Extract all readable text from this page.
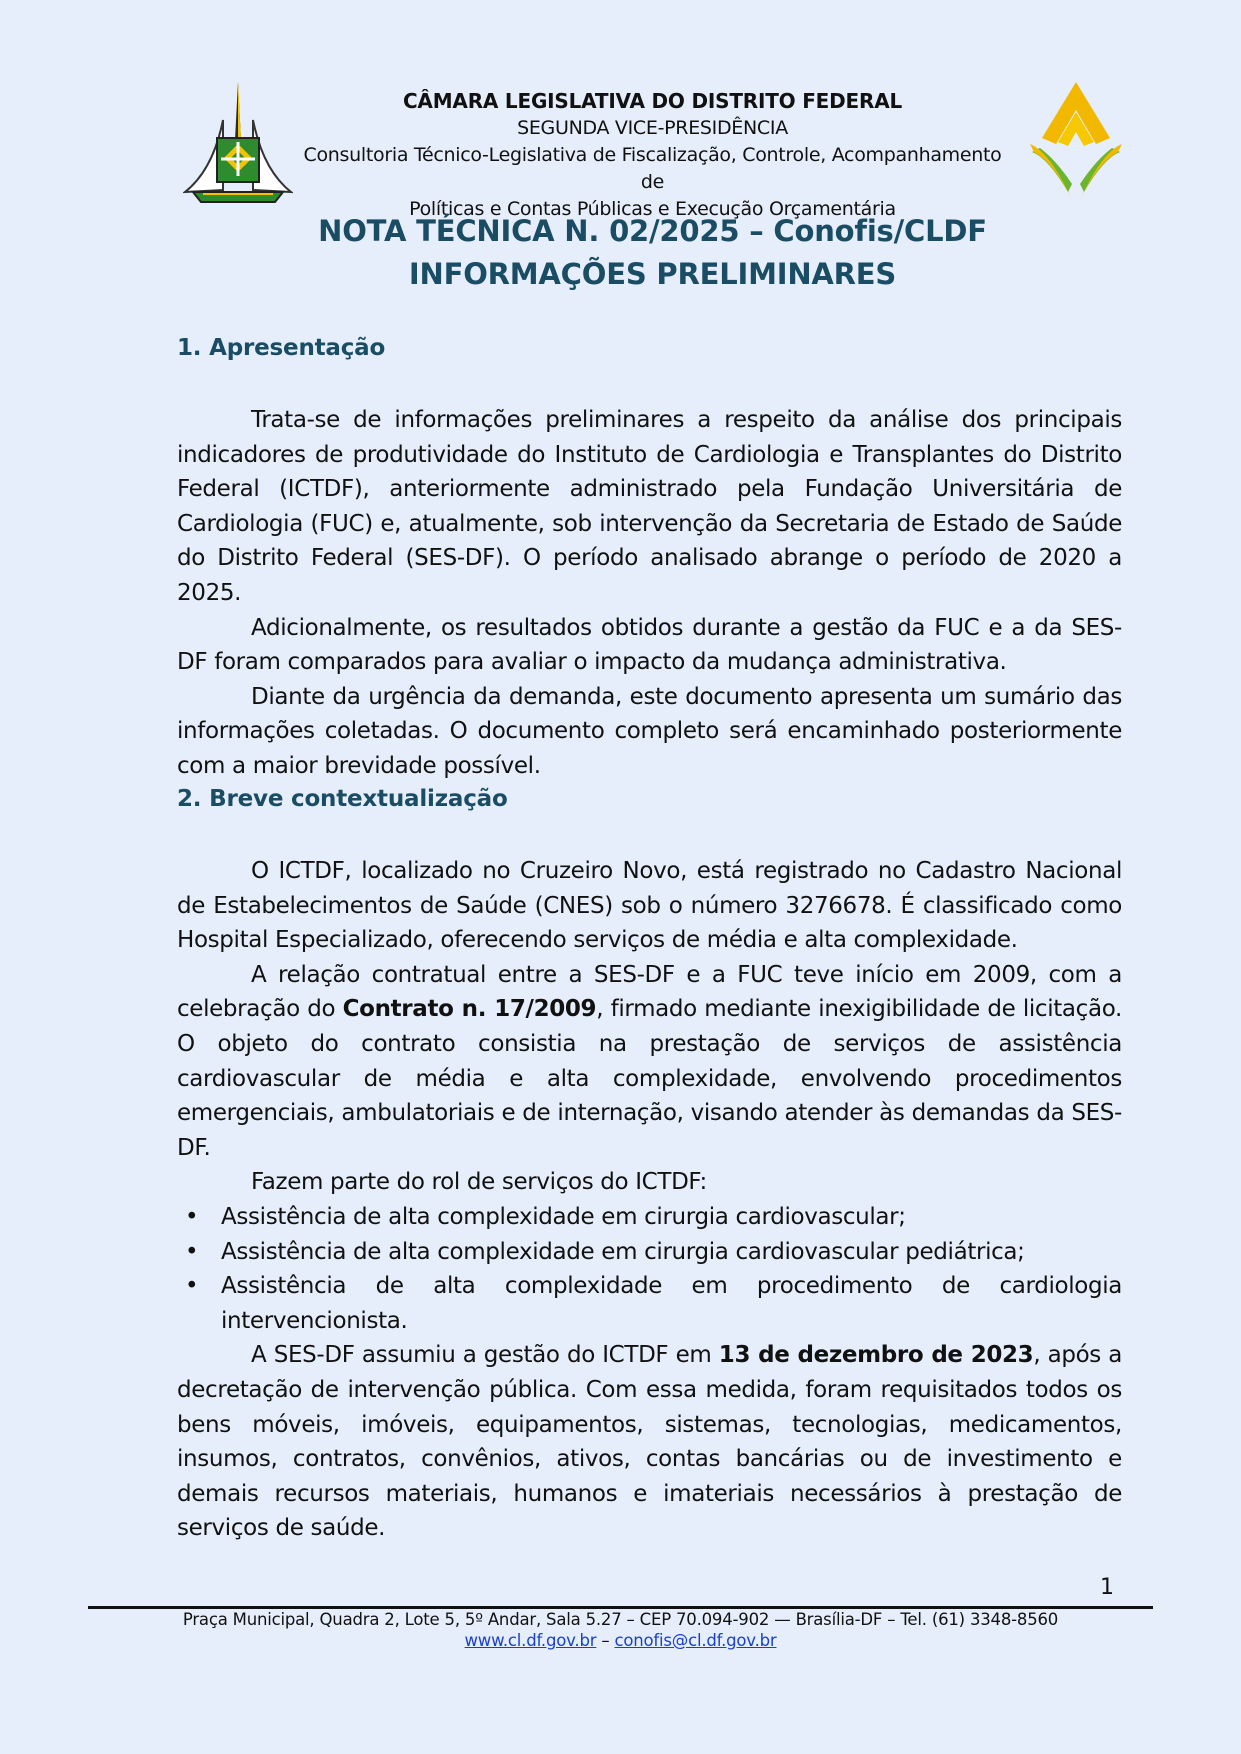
CÂMARA LEGISLATIVA DO DISTRITO FEDERAL
SEGUNDA VICE-PRESIDÊNCIA
Consultoria Técnico-Legislativa de Fiscalização, Controle, Acompanhamento de
Políticas e Contas Públicas e Execução Orçamentária
NOTA TÉCNICA N. 02/2025 – Conofis/CLDF
INFORMAÇÕES PRELIMINARES
1. Apresentação

Trata-se de informações preliminares a respeito da análise dos principais indicadores de produtividade do Instituto de Cardiologia e Transplantes do Distrito Federal (ICTDF), anteriormente administrado pela Fundação Universitária de Cardiologia (FUC) e, atualmente, sob intervenção da Secretaria de Estado de Saúde do Distrito Federal (SES-DF). O período analisado abrange o período de 2020 a 2025.

Adicionalmente, os resultados obtidos durante a gestão da FUC e a da SES-DF foram comparados para avaliar o impacto da mudança administrativa.

Diante da urgência da demanda, este documento apresenta um sumário das informações coletadas. O documento completo será encaminhado posteriormente com a maior brevidade possível.

2. Breve contextualização

O ICTDF, localizado no Cruzeiro Novo, está registrado no Cadastro Nacional de Estabelecimentos de Saúde (CNES) sob o número 3276678. É classificado como Hospital Especializado, oferecendo serviços de média e alta complexidade.

A relação contratual entre a SES-DF e a FUC teve início em 2009, com a celebração do Contrato n. 17/2009, firmado mediante inexigibilidade de licitação. O objeto do contrato consistia na prestação de serviços de assistência cardiovascular de média e alta complexidade, envolvendo procedimentos emergenciais, ambulatoriais e de internação, visando atender às demandas da SES-DF.

Fazem parte do rol de serviços do ICTDF:

• Assistência de alta complexidade em cirurgia cardiovascular;
• Assistência de alta complexidade em cirurgia cardiovascular pediátrica;
• Assistência de alta complexidade em procedimento de cardiologia intervencionista.

A SES-DF assumiu a gestão do ICTDF em 13 de dezembro de 2023, após a decretação de intervenção pública. Com essa medida, foram requisitados todos os bens móveis, imóveis, equipamentos, sistemas, tecnologias, medicamentos, insumos, contratos, convênios, ativos, contas bancárias ou de investimento e demais recursos materiais, humanos e imateriais necessários à prestação de serviços de saúde.

1
Praça Municipal, Quadra 2, Lote 5, 5º Andar, Sala 5.27 – CEP 70.094-902 — Brasília-DF – Tel. (61) 3348-8560
www.cl.df.gov.br – conofis@cl.df.gov.br
